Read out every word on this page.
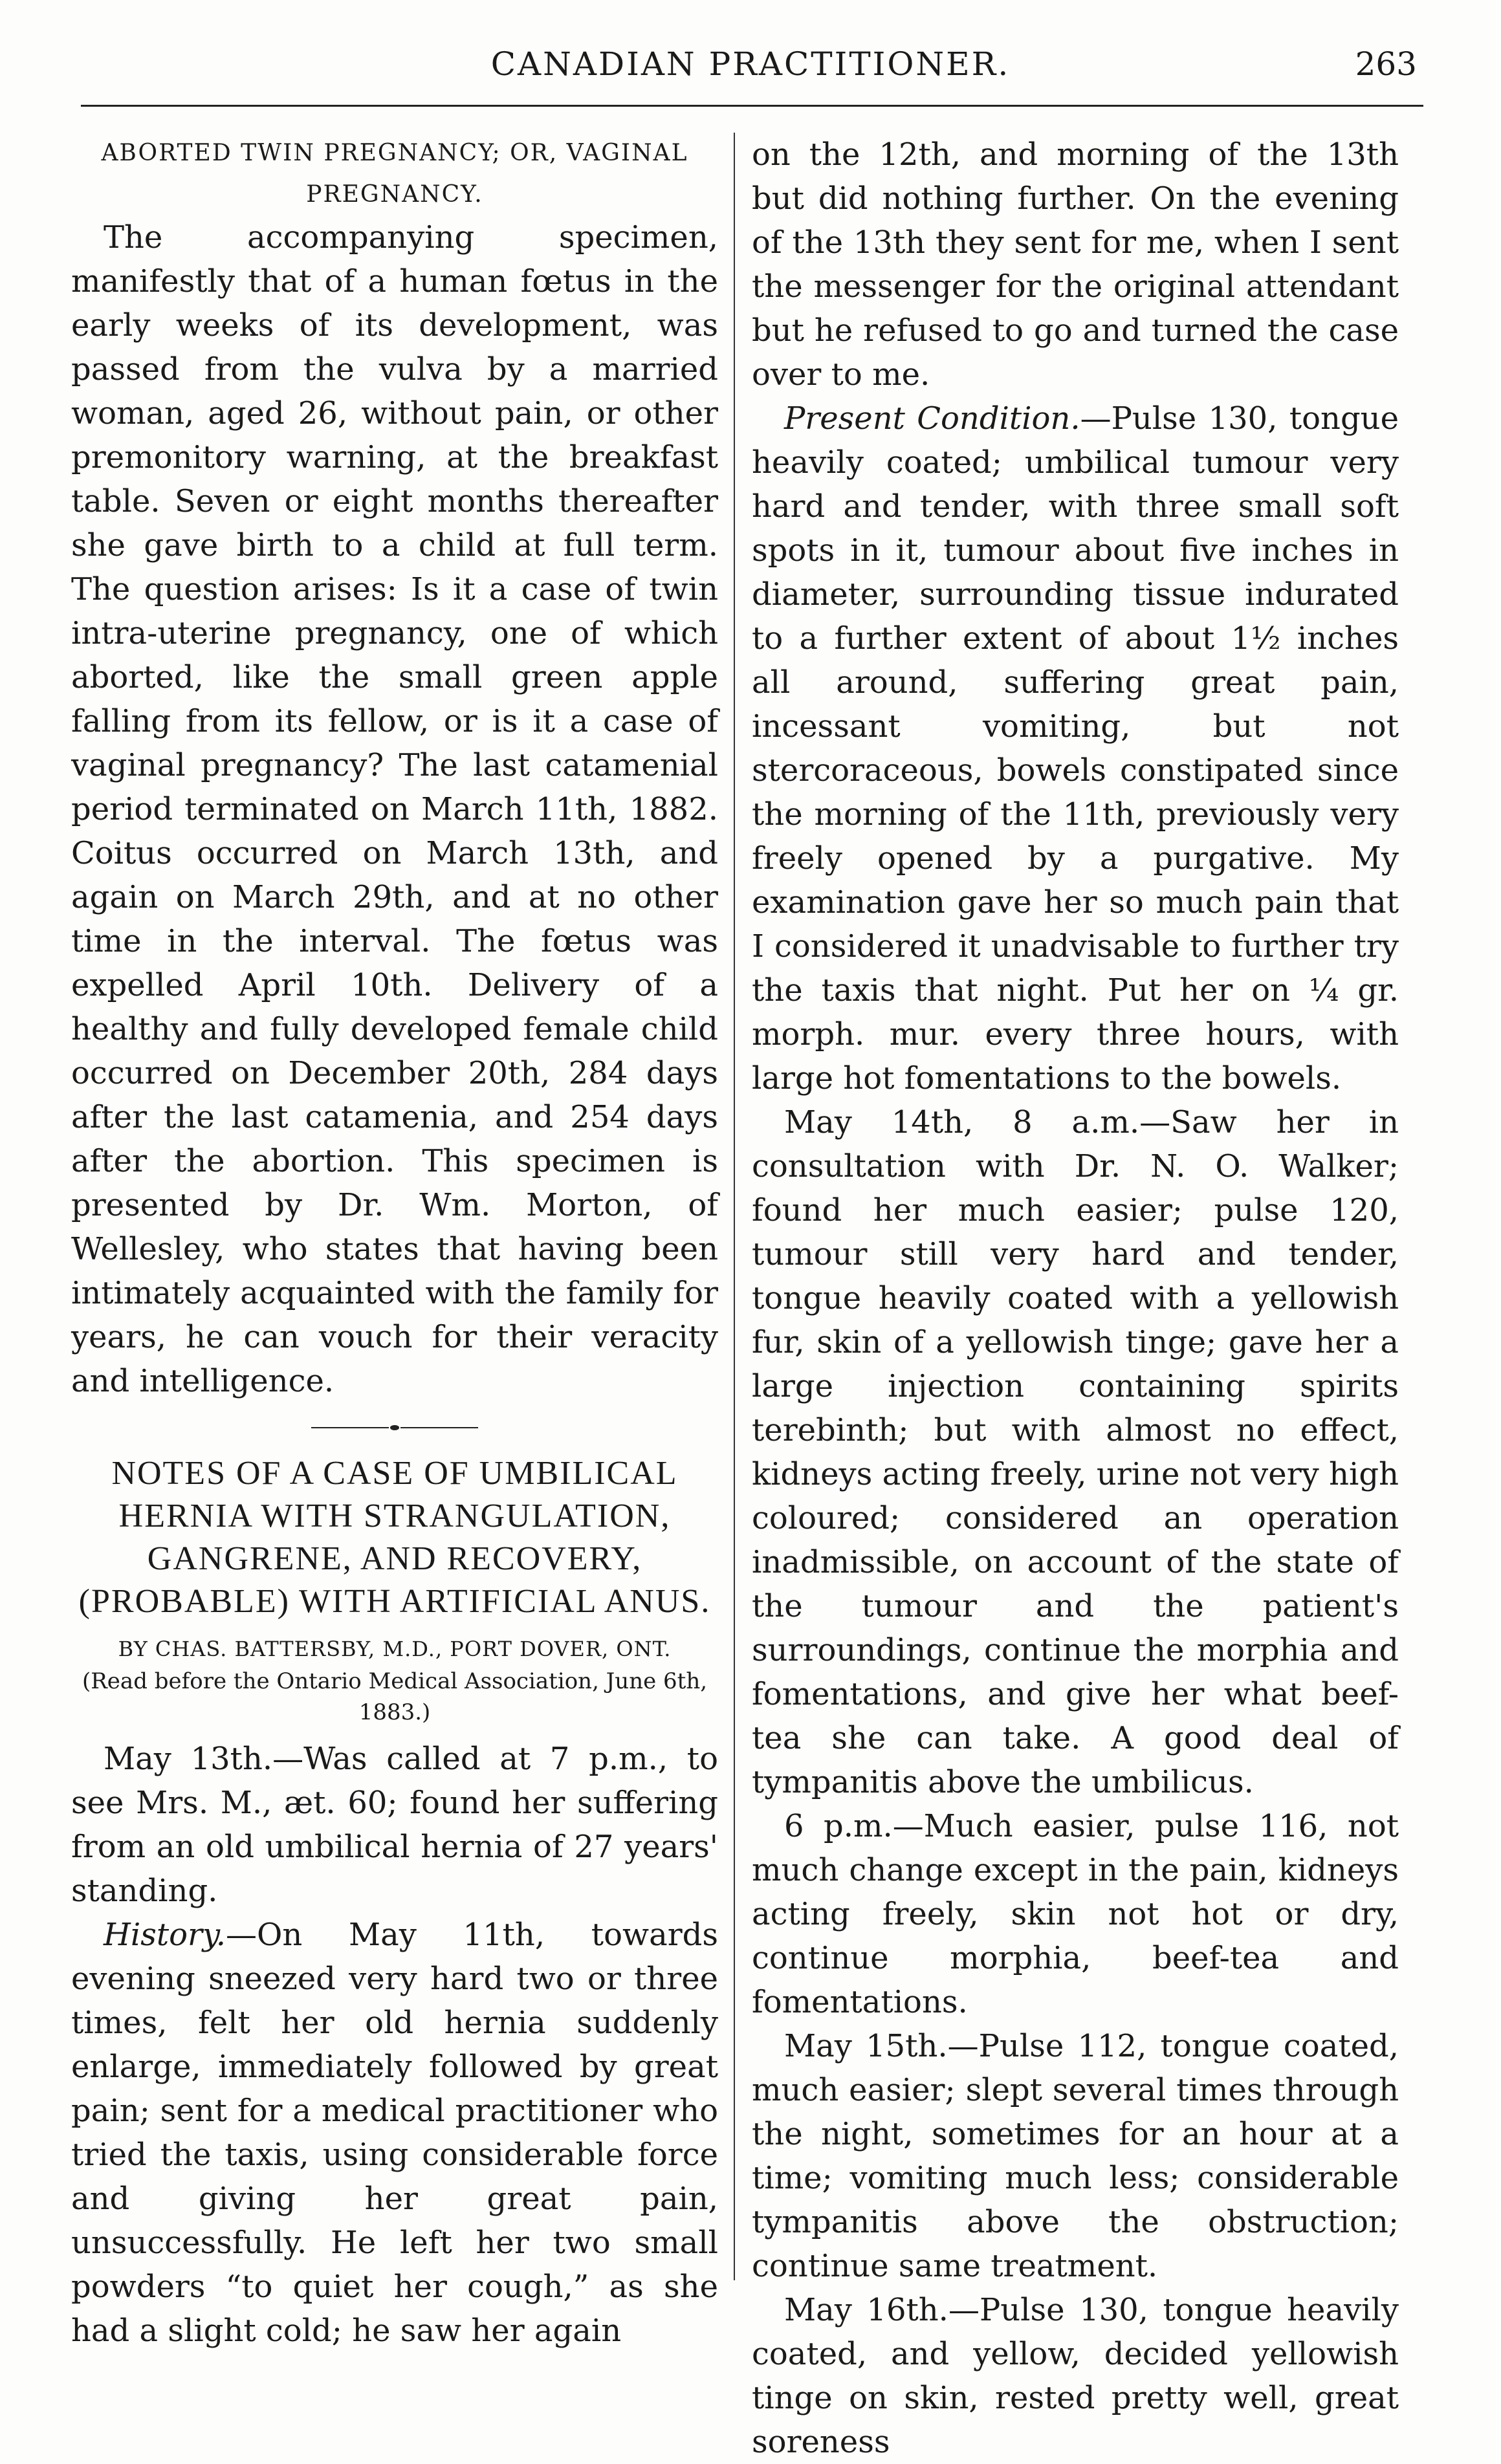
CANADIAN PRACTITIONER.	263
ABORTED TWIN PREGNANCY; OR, VAGINAL
PREGNANCY.

The accompanying specimen, manifestly that of a human fœtus in the early weeks of its development, was passed from the vulva by a married woman, aged 26, without pain, or other premonitory warning, at the breakfast table. Seven or eight months thereafter she gave birth to a child at full term. The question arises: Is it a case of twin intra-uterine pregnancy, one of which aborted, like the small green apple falling from its fellow, or is it a case of vaginal pregnancy? The last catamenial period terminated on March 11th, 1882. Coitus occurred on March 13th, and again on March 29th, and at no other time in the interval. The fœtus was expelled April 10th. Delivery of a healthy and fully developed female child occurred on December 20th, 284 days after the last catamenia, and 254 days after the abortion. This specimen is presented by Dr. Wm. Morton, of Wellesley, who states that having been intimately acquainted with the family for years, he can vouch for their veracity and intelligence.

NOTES OF A CASE OF UMBILICAL HERNIA WITH STRANGULATION, GANGRENE, AND RECOVERY, (PROBABLE) WITH ARTIFICIAL ANUS.
BY CHAS. BATTERSBY, M.D., PORT DOVER, ONT.
(Read before the Ontario Medical Association, June 6th, 1883.)

May 13th.—Was called at 7 p.m., to see Mrs. M., æt. 60; found her suffering from an old umbilical hernia of 27 years' standing.

History.—On May 11th, towards evening sneezed very hard two or three times, felt her old hernia suddenly enlarge, immediately followed by great pain; sent for a medical practitioner who tried the taxis, using considerable force and giving her great pain, unsuccessfully. He left her two small powders “to quiet her cough,” as she had a slight cold; he saw her again

on the 12th, and morning of the 13th but did nothing further. On the evening of the 13th they sent for me, when I sent the messenger for the original attendant but he refused to go and turned the case over to me.

Present Condition.—Pulse 130, tongue heavily coated; umbilical tumour very hard and tender, with three small soft spots in it, tumour about five inches in diameter, surrounding tissue indurated to a further extent of about 1½ inches all around, suffering great pain, incessant vomiting, but not stercoraceous, bowels constipated since the morning of the 11th, previously very freely opened by a purgative. My examination gave her so much pain that I considered it unadvisable to further try the taxis that night. Put her on ¼ gr. morph. mur. every three hours, with large hot fomentations to the bowels.

May 14th, 8 a.m.—Saw her in consultation with Dr. N. O. Walker; found her much easier; pulse 120, tumour still very hard and tender, tongue heavily coated with a yellowish fur, skin of a yellowish tinge; gave her a large injection containing spirits terebinth; but with almost no effect, kidneys acting freely, urine not very high coloured; considered an operation inadmissible, on account of the state of the tumour and the patient's surroundings, continue the morphia and fomentations, and give her what beef-tea she can take. A good deal of tympanitis above the umbilicus.

6 p.m.—Much easier, pulse 116, not much change except in the pain, kidneys acting freely, skin not hot or dry, continue morphia, beef-tea and fomentations.

May 15th.—Pulse 112, tongue coated, much easier; slept several times through the night, sometimes for an hour at a time; vomiting much less; considerable tympanitis above the obstruction; continue same treatment.

May 16th.—Pulse 130, tongue heavily coated, and yellow, decided yellowish tinge on skin, rested pretty well, great soreness
